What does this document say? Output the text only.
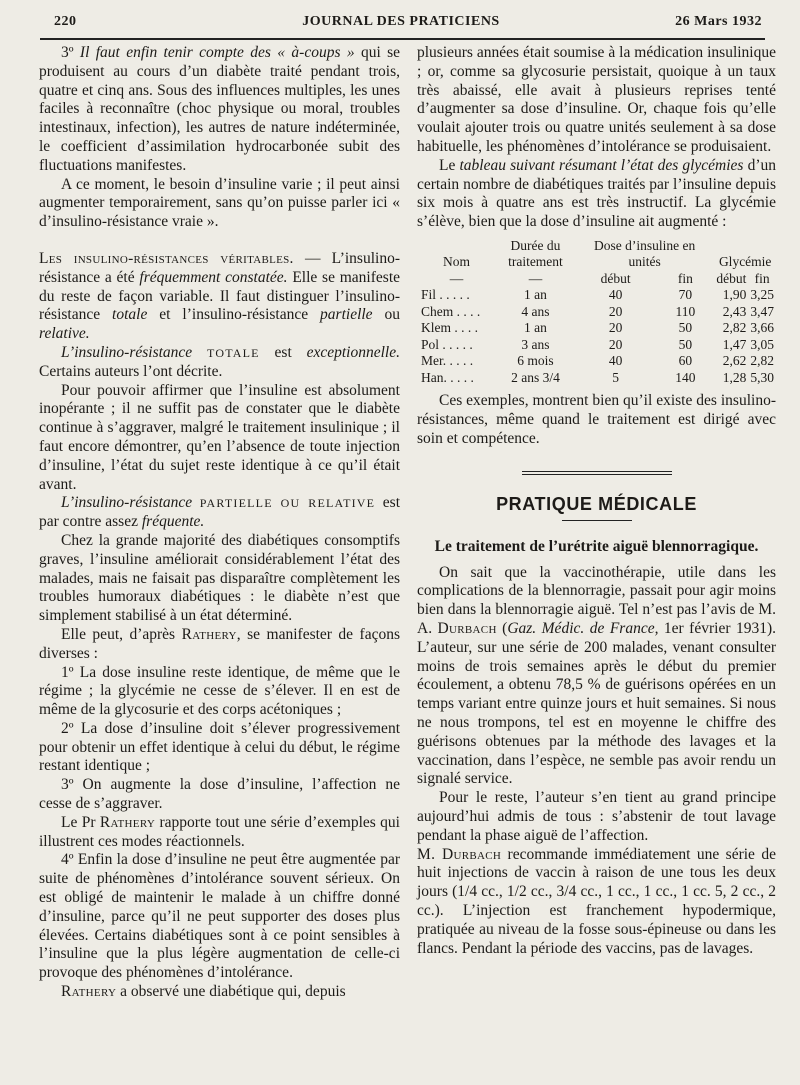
220	JOURNAL DES PRATICIENS	26 Mars 1932

3º Il faut enfin tenir compte des « à-coups » qui se produisent au cours d’un diabète traité pendant trois, quatre et cinq ans. Sous des influences multiples, les unes faciles à reconnaître (choc physique ou moral, troubles intestinaux, infection), les autres de nature indéterminée, le coefficient d’assimilation hydrocarbonée subit des fluctuations manifestes.

A ce moment, le besoin d’insuline varie ; il peut ainsi augmenter temporairement, sans qu’on puisse parler ici « d’insulino-résistance vraie ».

Les insulino-résistances véritables. — L’insulino-résistance a été fréquemment constatée. Elle se manifeste du reste de façon variable. Il faut distinguer l’insulino-résistance totale et l’insulino-résistance partielle ou relative.

L’insulino-résistance TOTALE est exceptionnelle. Certains auteurs l’ont décrite.

Pour pouvoir affirmer que l’insuline est absolument inopérante ; il ne suffit pas de constater que le diabète continue à s’aggraver, malgré le traitement insulinique ; il faut encore démontrer, qu’en l’absence de toute injection d’insuline, l’état du sujet reste identique à ce qu’il était avant.

L’insulino-résistance PARTIELLE OU RELATIVE est par contre assez fréquente.

Chez la grande majorité des diabétiques consomptifs graves, l’insuline améliorait considérablement l’état des malades, mais ne faisait pas disparaître complètement les troubles humoraux diabétiques : le diabète n’est que simplement stabilisé à un état déterminé.

Elle peut, d’après Rathery, se manifester de façons diverses :

1º La dose insuline reste identique, de même que le régime ; la glycémie ne cesse de s’élever. Il en est de même de la glycosurie et des corps acétoniques ;

2º La dose d’insuline doit s’élever progressivement pour obtenir un effet identique à celui du début, le régime restant identique ;

3º On augmente la dose d’insuline, l’affection ne cesse de s’aggraver.

Le Pr Rathery rapporte tout une série d’exemples qui illustrent ces modes réactionnels.

4º Enfin la dose d’insuline ne peut être augmentée par suite de phénomènes d’intolérance souvent sérieux. On est obligé de maintenir le malade à un chiffre donné d’insuline, parce qu’il ne peut supporter des doses plus élevées. Certains diabétiques sont à ce point sensibles à l’insuline que la plus légère augmentation de celle-ci provoque des phénomènes d’intolérance.

Rathery a observé une diabétique qui, depuis

plusieurs années était soumise à la médication insulinique ; or, comme sa glycosurie persistait, quoique à un taux très abaissé, elle avait à plusieurs reprises tenté d’augmenter sa dose d’insuline. Or, chaque fois qu’elle voulait ajouter trois ou quatre unités seulement à sa dose habituelle, les phénomènes d’intolérance se produisaient.

Le tableau suivant résumant l’état des glycémies d’un certain nombre de diabétiques traités par l’insuline depuis six mois à quatre ans est très instructif. La glycémie s’élève, bien que la dose d’insuline ait augmenté :

Nom	Durée du traitement	Dose d’insuline en unités		Glycémie	
—	—	début	fin	début	fin
Fil . . . . .	1 an	40	70	1,90	3,25
Chem . . . .	4 ans	20	110	2,43	3,47
Klem . . . .	1 an	20	50	2,82	3,66
Pol . . . . .	3 ans	20	50	1,47	3,05
Mer. . . . .	6 mois	40	60	2,62	2,82
Han. . . . .	2 ans 3/4	5	140	1,28	5,30

Ces exemples, montrent bien qu’il existe des insulino-résistances, même quand le traitement est dirigé avec soin et compétence.

PRATIQUE MÉDICALE
Le traitement de l’urétrite aiguë blennorragique.

On sait que la vaccinothérapie, utile dans les complications de la blennorragie, passait pour agir moins bien dans la blennorragie aiguë. Tel n’est pas l’avis de M. A. Durbach (Gaz. Médic. de France, 1er février 1931). L’auteur, sur une série de 200 malades, venant consulter moins de trois semaines après le début du premier écoulement, a obtenu 78,5 % de guérisons opérées en un temps variant entre quinze jours et huit semaines. Si nous ne nous trompons, tel est en moyenne le chiffre des guérisons obtenues par la méthode des lavages et la vaccination, dans l’espèce, ne semble pas avoir rendu un signalé service.

Pour le reste, l’auteur s’en tient au grand principe aujourd’hui admis de tous : s’abstenir de tout lavage pendant la phase aiguë de l’affection.

M. Durbach recommande immédiatement une série de huit injections de vaccin à raison de une tous les deux jours (1/4 cc., 1/2 cc., 3/4 cc., 1 cc., 1 cc., 1 cc. 5, 2 cc., 2 cc.). L’injection est franchement hypodermique, pratiquée au niveau de la fosse sous-épineuse ou dans les flancs. Pendant la période des vaccins, pas de lavages.
